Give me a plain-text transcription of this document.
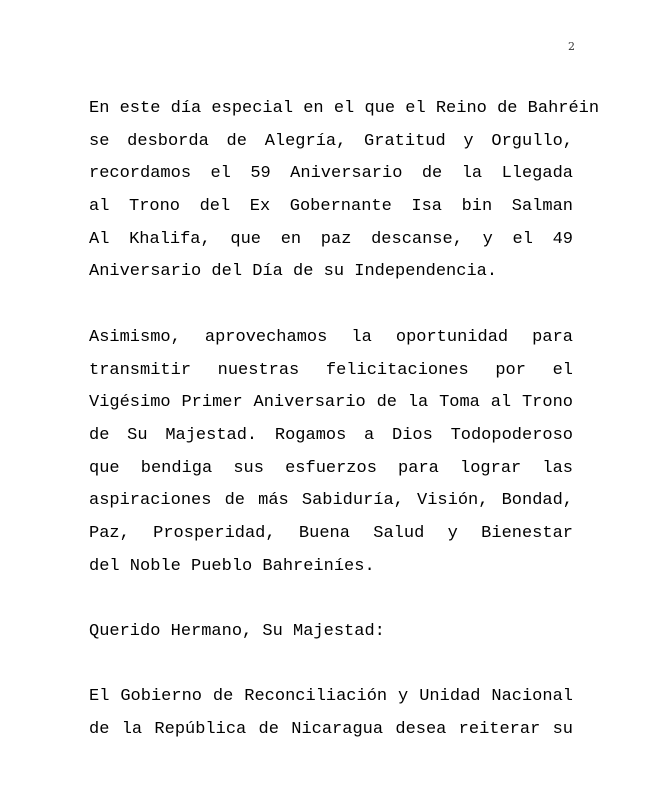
2
En este día especial en el que el Reino de Bahréin
se desborda de Alegría, Gratitud y Orgullo,
recordamos el 59 Aniversario de la Llegada
al Trono del Ex Gobernante Isa bin Salman
Al Khalifa, que en paz descanse, y el 49
Aniversario del Día de su Independencia.
Asimismo, aprovechamos la oportunidad para
transmitir nuestras felicitaciones por el
Vigésimo Primer Aniversario de la Toma al Trono
de Su Majestad. Rogamos a Dios Todopoderoso
que bendiga sus esfuerzos para lograr las
aspiraciones de más Sabiduría, Visión, Bondad,
Paz, Prosperidad, Buena Salud y Bienestar
del Noble Pueblo Bahreiníes.
Querido Hermano, Su Majestad:
El Gobierno de Reconciliación y Unidad Nacional
de la República de Nicaragua desea reiterar su
